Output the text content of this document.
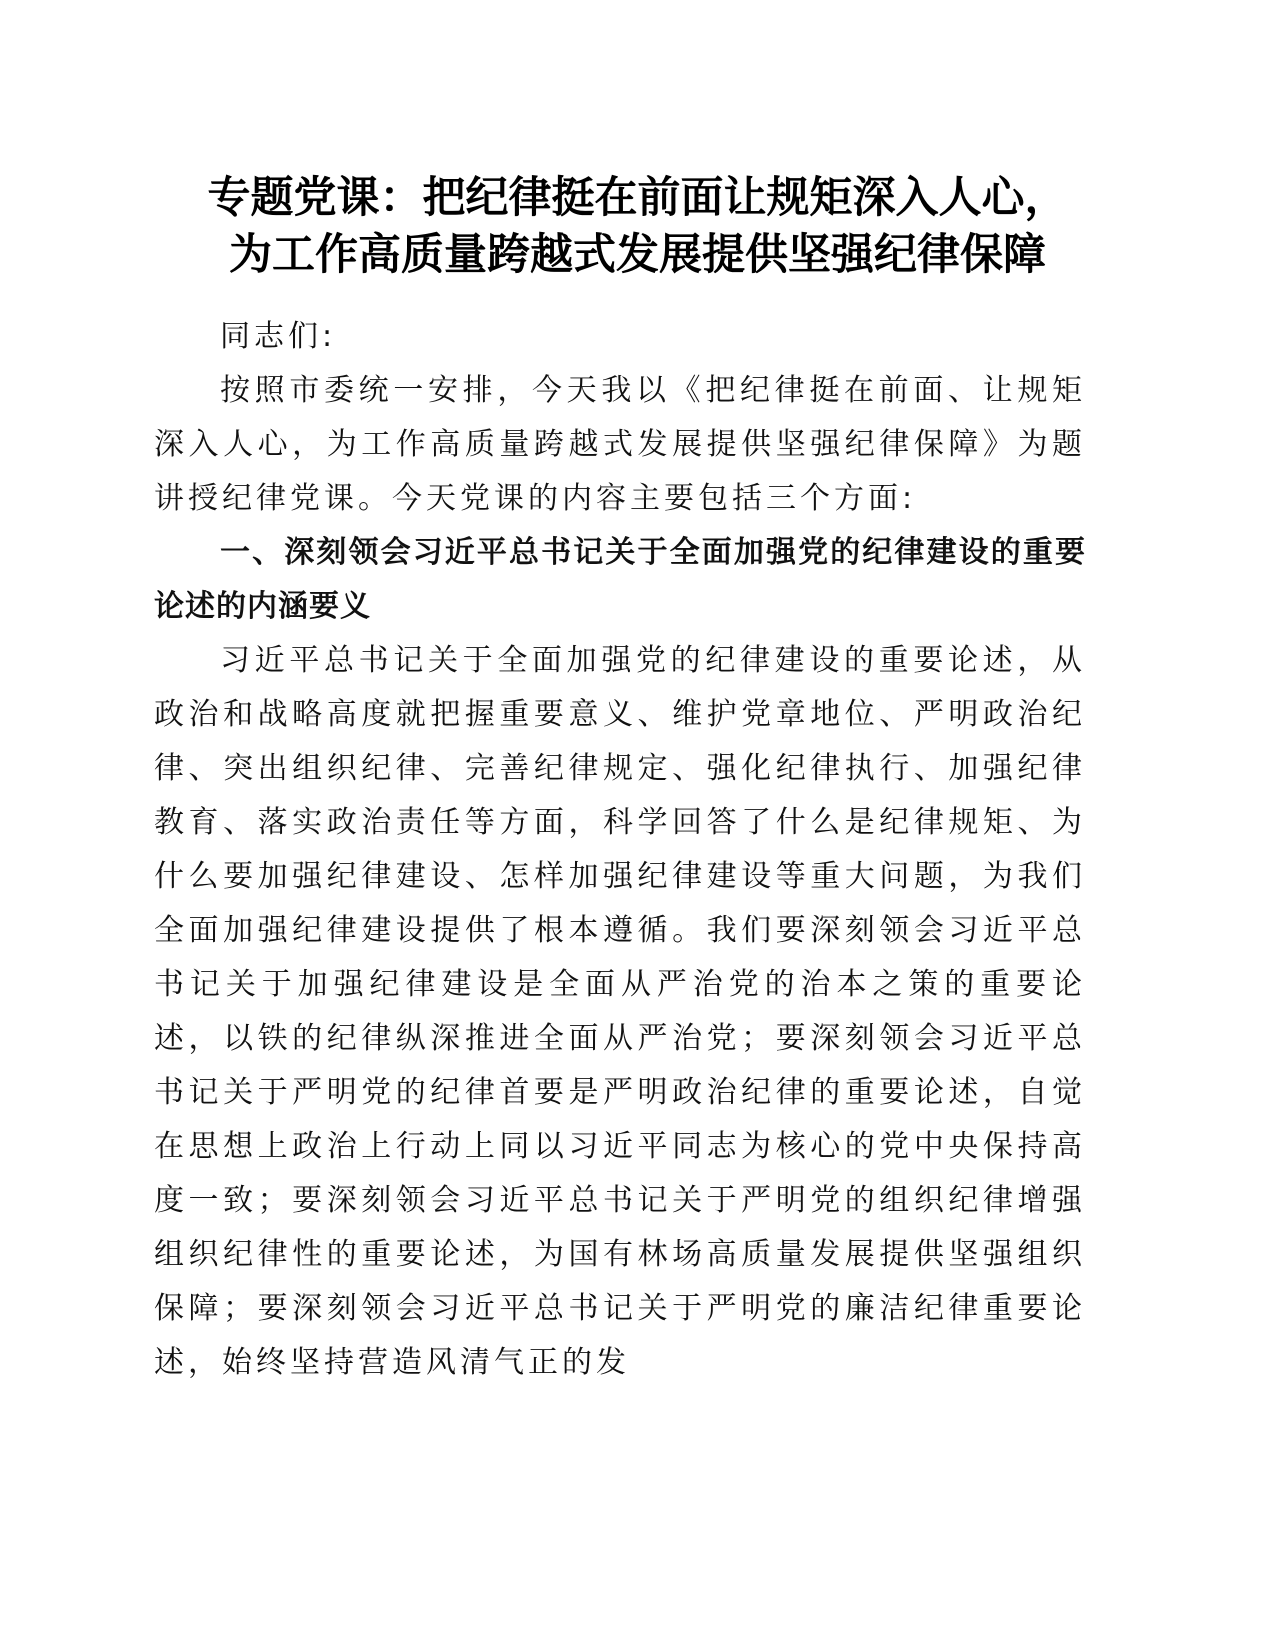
专题党课：把纪律挺在前面让规矩深入人心，
为工作高质量跨越式发展提供坚强纪律保障

同志们:

按照市委统一安排，今天我以《把纪律挺在前面、让规矩深入人心，为工作高质量跨越式发展提供坚强纪律保障》为题讲授纪律党课。今天党课的内容主要包括三个方面:

一、深刻领会习近平总书记关于全面加强党的纪律建设的重要论述的内涵要义

习近平总书记关于全面加强党的纪律建设的重要论述，从政治和战略高度就把握重要意义、维护党章地位、严明政治纪律、突出组织纪律、完善纪律规定、强化纪律执行、加强纪律教育、落实政治责任等方面，科学回答了什么是纪律规矩、为什么要加强纪律建设、怎样加强纪律建设等重大问题，为我们全面加强纪律建设提供了根本遵循。我们要深刻领会习近平总书记关于加强纪律建设是全面从严治党的治本之策的重要论述，以铁的纪律纵深推进全面从严治党；要深刻领会习近平总书记关于严明党的纪律首要是严明政治纪律的重要论述，自觉在思想上政治上行动上同以习近平同志为核心的党中央保持高度一致；要深刻领会习近平总书记关于严明党的组织纪律增强组织纪律性的重要论述，为国有林场高质量发展提供坚强组织保障；要深刻领会习近平总书记关于严明党的廉洁纪律重要论述，始终坚持营造风清气正的发
